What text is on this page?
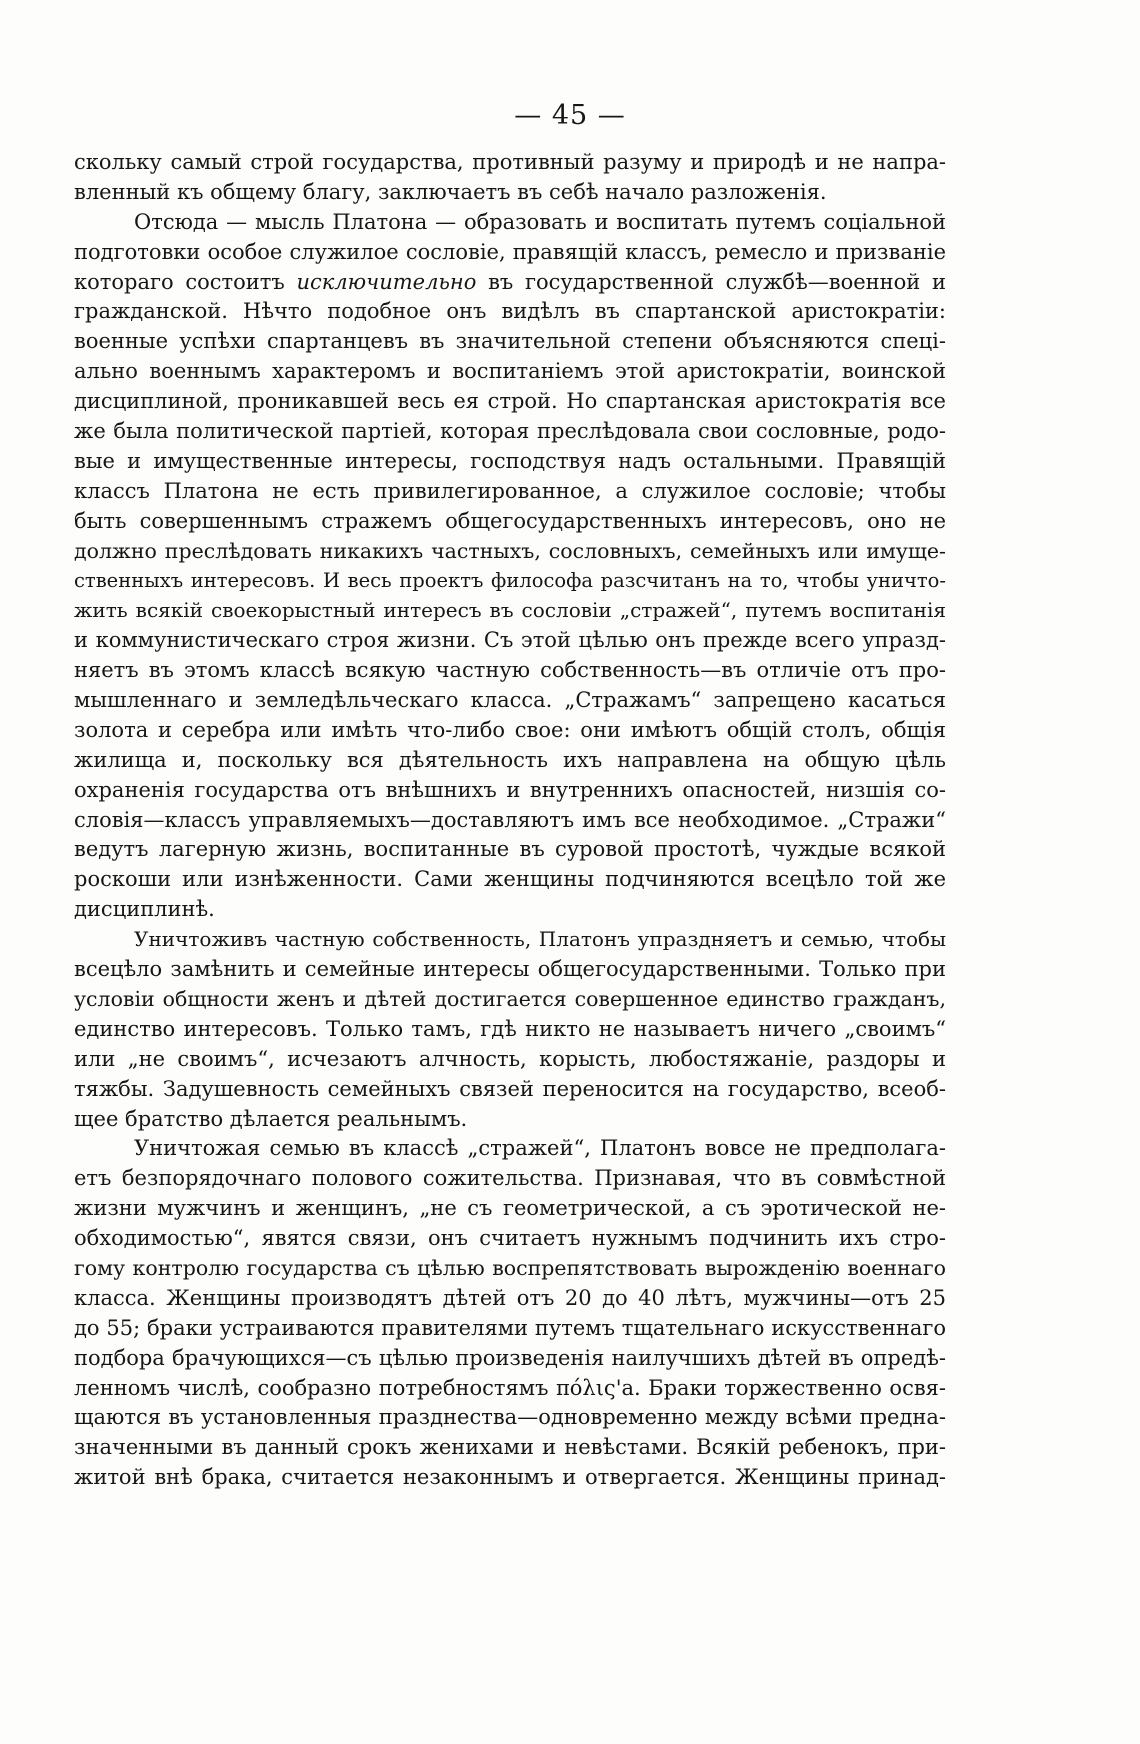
— 45 —
скольку самый строй государства, противный разуму и природѣ и не напра-
вленный къ общему благу, заключаетъ въ себѣ начало разложенія.
Отсюда — мысль Платона — образовать и воспитать путемъ соціальной
подготовки особое служилое сословіе, правящій классъ, ремесло и призваніе
котораго состоитъ исключительно въ государственной службѣ—военной и
гражданской. Нѣчто подобное онъ видѣлъ въ спартанской аристократіи:
военные успѣхи спартанцевъ въ значительной степени объясняются спеці-
ально военнымъ характеромъ и воспитаніемъ этой аристократіи, воинской
дисциплиной, проникавшей весь ея строй. Но спартанская аристократія все
же была политической партіей, которая преслѣдовала свои сословные, родо-
вые и имущественные интересы, господствуя надъ остальными. Правящій
классъ Платона не есть привилегированное, а служилое сословіе; чтобы
быть совершеннымъ стражемъ общегосударственныхъ интересовъ, оно не
должно преслѣдовать никакихъ частныхъ, сословныхъ, семейныхъ или имуще-
ственныхъ интересовъ. И весь проектъ философа разсчитанъ на то, чтобы уничто-
жить всякій своекорыстный интересъ въ сословіи „стражей“, путемъ воспитанія
и коммунистическаго строя жизни. Съ этой цѣлью онъ прежде всего упразд-
няетъ въ этомъ классѣ всякую частную собственность—въ отличіе отъ про-
мышленнаго и земледѣльческаго класса. „Стражамъ“ запрещено касаться
золота и серебра или имѣть что-либо свое: они имѣютъ общій столъ, общія
жилища и, поскольку вся дѣятельность ихъ направлена на общую цѣль
охраненія государства отъ внѣшнихъ и внутреннихъ опасностей, низшія со-
словія—классъ управляемыхъ—доставляютъ имъ все необходимое. „Стражи“
ведутъ лагерную жизнь, воспитанные въ суровой простотѣ, чуждые всякой
роскоши или изнѣженности. Сами женщины подчиняются всецѣло той же
дисциплинѣ.
Уничтоживъ частную собственность, Платонъ упраздняетъ и семью, чтобы
всецѣло замѣнить и семейные интересы общегосударственными. Только при
условіи общности женъ и дѣтей достигается совершенное единство гражданъ,
единство интересовъ. Только тамъ, гдѣ никто не называетъ ничего „своимъ“
или „не своимъ“, исчезаютъ алчность, корысть, любостяжаніе, раздоры и
тяжбы. Задушевность семейныхъ связей переносится на государство, всеоб-
щее братство дѣлается реальнымъ.
Уничтожая семью въ классѣ „стражей“, Платонъ вовсе не предполага-
етъ безпорядочнаго полового сожительства. Признавая, что въ совмѣстной
жизни мужчинъ и женщинъ, „не съ геометрической, а съ эротической не-
обходимостью“, явятся связи, онъ считаетъ нужнымъ подчинить ихъ стро-
гому контролю государства съ цѣлью воспрепятствовать вырожденію военнаго
класса. Женщины производятъ дѣтей отъ 20 до 40 лѣтъ, мужчины—отъ 25
до 55; браки устраиваются правителями путемъ тщательнаго искусственнаго
подбора брачующихся—съ цѣлью произведенія наилучшихъ дѣтей въ опредѣ-
ленномъ числѣ, сообразно потребностямъ πόλις'а. Браки торжественно освя-
щаются въ установленныя празднества—одновременно между всѣми предна-
значенными въ данный срокъ женихами и невѣстами. Всякій ребенокъ, при-
житой внѣ брака, считается незаконнымъ и отвергается. Женщины принад-
